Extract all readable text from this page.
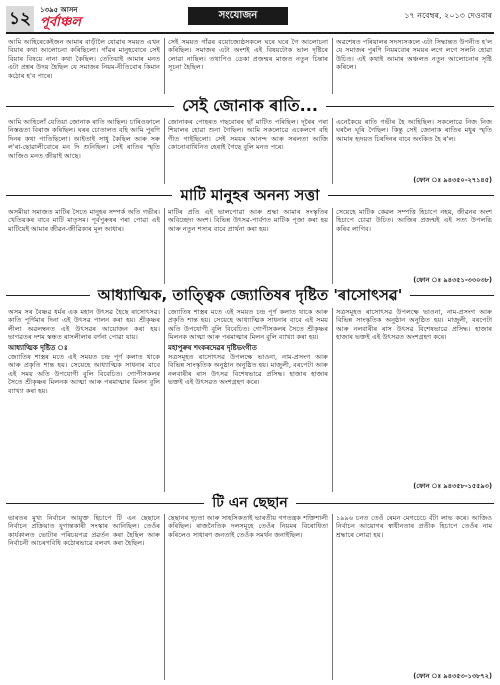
১২	১৩৯৫ আসন
পূর্বাঞ্চল	সংযোজন	১৭ নবেম্বৰ, ২০১৩ দেওবাৰ
আমি আহিৰেকেইজন আমাৰ বাড়ীলৈ যোৱাৰ সময়ত এখন বিয়াৰ কথা আলোচনা কৰিছিলো। গাঁৱৰ মানুহবোৰে সেই বিয়াৰ বিষয়ে নানা কথা কৈছিল। তেতিয়াই আমাৰ মনত এটা প্ৰশ্নৰ উদয় হৈছিল যে সমাজৰ নিয়ম-নীতিবোৰ কিমান কঠোৰ হ'ব পাৰে।
সেই সময়ত গাঁৱৰ বয়োজ্যেষ্ঠসকলে ঘৰে ঘৰে গৈ আলোচনা কৰিছিল। সমাজৰ এটা অংশই এই বিষয়টোক ভাল দৃষ্টিৰে লোৱা নাছিল। তথাপিও ডেকা প্ৰজন্মৰ মাজত নতুন চিন্তাৰ সূচনা হৈছিল।
অৱশেষত পৰিয়ালৰ সদস্যসকলে এটা সিদ্ধান্তত উপনীত হ'ল যে সমাজৰ পুৰণি নিয়মবোৰ সময়ৰ লগে লগে সলনি হোৱা উচিত। এই কথাই আমাৰ অঞ্চলত নতুন আলোচনাৰ সৃষ্টি কৰিলে।
সেই জোনাক ৰাতি...
আমি আহিলোঁ যেতিয়া জোনাক ৰাতি আছিল। চাৰিওফালে নিস্তব্ধতা বিৰাজ কৰিছিল। ঘৰৰ চোতালত বহি আমি পুৰণি দিনৰ কথা পাতিছিলো। আইতাই সাধু কৈছিল আৰু সৰু ল'ৰা-ছোৱালীবোৰে মন দি শুনিছিল। সেই ৰাতিৰ স্মৃতি আজিও মনত জীয়াই আছে।
জোনাকৰ পোহৰত গছবোৰৰ ছাঁ মাটিত পৰিছিল। দূৰৈৰ পৰা শিয়ালৰ হোৱা শুনা গৈছিল। আমি সকলোৱে একেলগে বহি গীত গাইছিলো। সেই সময়ৰ আনন্দ আৰু সৰলতা আজি কোনোবাখিনিত হেৰাই গৈছে বুলি মনত পৰে।
এনেকৈয়ে ৰাতি গভীৰ হৈ আহিছিল। সকলোৱে নিজ নিজ ঘৰলৈ ঘূৰি গৈছিল। কিন্তু সেই জোনাক ৰাতিৰ মধুৰ স্মৃতি আমাৰ হৃদয়ত চিৰদিনৰ বাবে অংকিত হৈ ৰ'ল।
(ফোন ঃ ৯৪৩৫০-২৭১৪৫)
মাটি মানুহৰ অনন্য সত্তা
অসমীয়া সমাজত মাটিৰ সৈতে মানুহৰ সম্পৰ্ক অতি গভীৰ। খেতিয়কৰ বাবে মাটি মাতৃসম। পূৰ্বপুৰুষৰ পৰা পোৱা এই মাটিয়েই আমাৰ জীৱন-জীৱিকাৰ মূল আধাৰ।
মাটিৰ প্ৰতি এই ভালপোৱা আৰু শ্ৰদ্ধা আমাৰ সংস্কৃতিৰ অবিচ্ছেদ্য অংশ। বিভিন্ন উৎসৱ-পাৰ্বণত মাটিক পূজা কৰা হয় আৰু নতুন শস্যৰ বাবে প্ৰাৰ্থনা কৰা হয়।
সেয়েহে মাটিক কেৱল সম্পত্তি হিচাপে নহয়, জীৱনৰ অংশ হিচাপে চোৱা উচিত। আজিৰ প্ৰজন্মই এই সত্য উপলব্ধি কৰিব লাগিব।
(ফোন ঃ ৯৪৩৫১-৩৩০৩৮)
আধ্যাত্মিক, তাত্ত্বিক জ্যোতিষৰ দৃষ্টিত 'ৰাসোৎসৱ'
অসম সৰ বৈষ্ণৱ ধৰ্মৰ এক মহান উৎসৱ হৈছে ৰাসোৎসৱ। কাতি পূৰ্ণিমাৰ দিনা এই উৎসৱ পালন কৰা হয়। শ্ৰীকৃষ্ণৰ লীলা অৱলম্বনত এই উৎসৱৰ আয়োজন কৰা হয়। ভাগৱতৰ দশম স্কন্ধত ৰাসলীলাৰ বৰ্ণনা পোৱা যায়।
আধ্যাত্মিক দৃষ্টিত ঃ
জ্যোতিষ শাস্ত্ৰৰ মতে এই সময়ত চন্দ্ৰ পূৰ্ণ কলাত থাকে আৰু প্ৰকৃতি শান্ত হয়। সেয়েহে আধ্যাত্মিক সাধনাৰ বাবে এই সময় অতি উপযোগী বুলি বিবেচিত। গোপীসকলৰ সৈতে শ্ৰীকৃষ্ণৰ মিলনক আত্মা আৰু পৰমাত্মাৰ মিলন বুলি ব্যাখ্যা কৰা হয়।
জ্যোতিষ শাস্ত্ৰৰ মতে এই সময়ত চন্দ্ৰ পূৰ্ণ কলাত থাকে আৰু প্ৰকৃতি শান্ত হয়। সেয়েহে আধ্যাত্মিক সাধনাৰ বাবে এই সময় অতি উপযোগী বুলি বিবেচিত। গোপীসকলৰ সৈতে শ্ৰীকৃষ্ণৰ মিলনক আত্মা আৰু পৰমাত্মাৰ মিলন বুলি ব্যাখ্যা কৰা হয়।
মহাপুৰুষ শংকৰদেৱৰ দৃষ্টিভংগীত
সত্ৰসমূহত ৰাসোৎসৱ উপলক্ষে ভাওনা, নাম-প্ৰসংগ আৰু বিভিন্ন সাংস্কৃতিক অনুষ্ঠান অনুষ্ঠিত হয়। মাজুলী, বৰপেটা আৰু নলবাৰীৰ ৰাস উৎসৱ বিশেষভাৱে প্ৰসিদ্ধ। হাজাৰ হাজাৰ ভক্তই এই উৎসৱত অংশগ্ৰহণ কৰে।
সত্ৰসমূহত ৰাসোৎসৱ উপলক্ষে ভাওনা, নাম-প্ৰসংগ আৰু বিভিন্ন সাংস্কৃতিক অনুষ্ঠান অনুষ্ঠিত হয়। মাজুলী, বৰপেটা আৰু নলবাৰীৰ ৰাস উৎসৱ বিশেষভাৱে প্ৰসিদ্ধ। হাজাৰ হাজাৰ ভক্তই এই উৎসৱত অংশগ্ৰহণ কৰে।
(ফোন ঃ ৯৪৩৫৮-১৫৫৯৩)
টি এন ছেছান
ভাৰতৰ মুখ্য নিৰ্বাচন আয়ুক্ত হিচাপে টি এন ছেছানে নিৰ্বাচন প্ৰক্ৰিয়াত যুগান্তকাৰী সংস্কাৰ আনিছিল। তেওঁৰ কাৰ্যকালত ভোটাৰ পৰিচয়পত্ৰ প্ৰৱৰ্তন কৰা হৈছিল আৰু নিৰ্বাচনী আচৰণবিধি কঠোৰভাৱে বলবৎ কৰা হৈছিল।
ছেছানৰ দৃঢ়তা আৰু সাহসিকতাই ভাৰতীয় গণতন্ত্ৰক শক্তিশালী কৰিছিল। ৰাজনৈতিক দলসমূহে তেওঁৰ নিয়মৰ বিৰোধিতা কৰিলেও সাধাৰণ জনতাই তেওঁক সমৰ্থন জনাইছিল।
১৯৯৬ চনত তেওঁ ৰেমন মেগচেচে বঁটা লাভ কৰে। আজিও নিৰ্বাচন আয়োগৰ স্বাধীনতাৰ প্ৰতীক হিচাপে তেওঁৰ নাম শ্ৰদ্ধাৰে লোৱা হয়।
(ফোন ঃ ৯৪৩৫৩-১৩৮৭২)
